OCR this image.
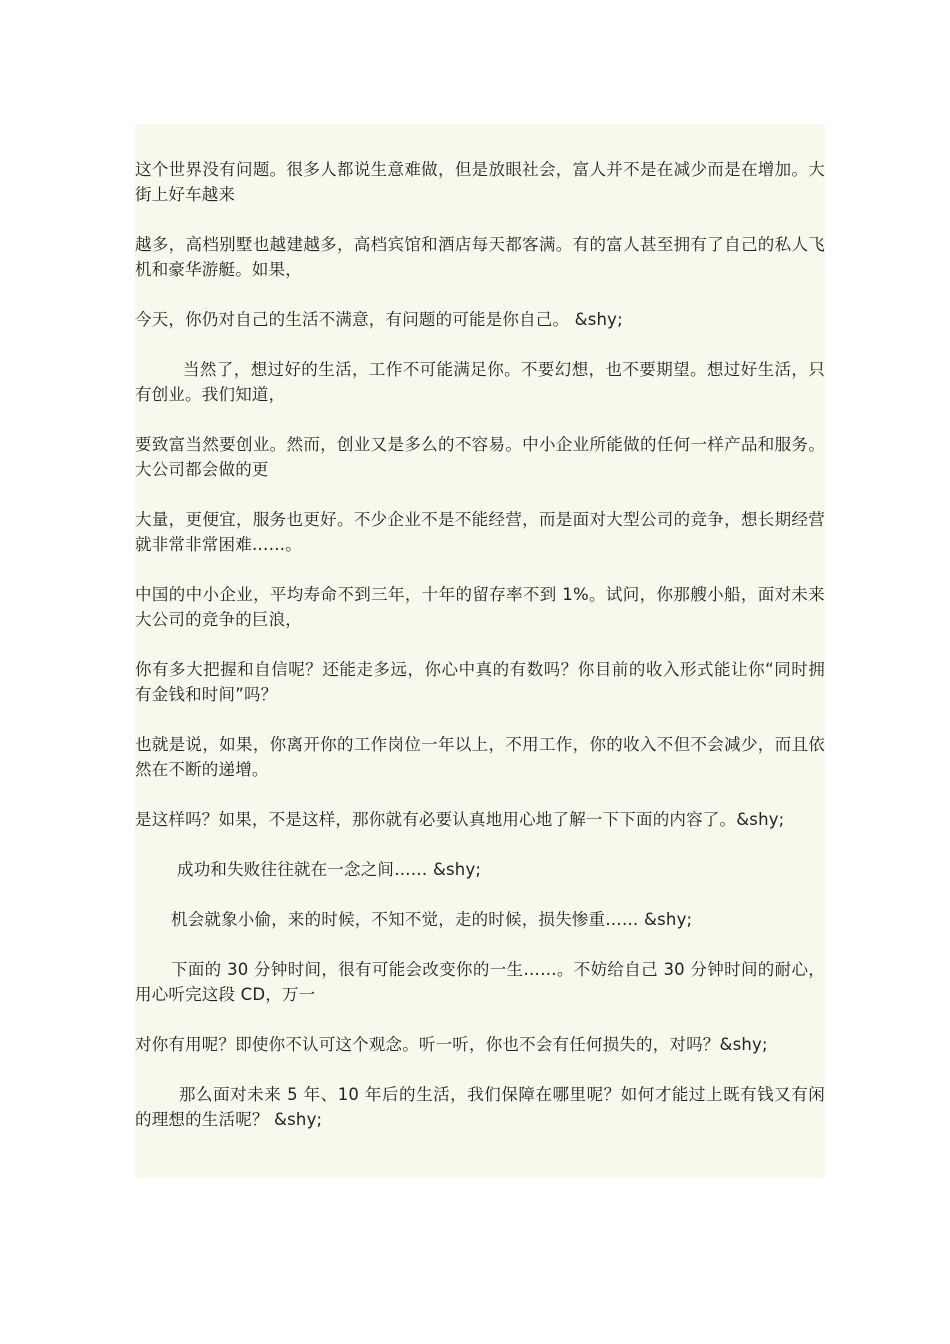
这个世界没有问题。很多人都说生意难做，但是放眼社会，富人并不是在减少而是在增加。大街上好车越来

越多，高档别墅也越建越多，高档宾馆和酒店每天都客满。有的富人甚至拥有了自己的私人飞机和豪华游艇。如果，

今天，你仍对自己的生活不满意，有问题的可能是你自己。 &shy;

当然了，想过好的生活，工作不可能满足你。不要幻想，也不要期望。想过好生活，只有创业。我们知道，

要致富当然要创业。然而，创业又是多么的不容易。中小企业所能做的任何一样产品和服务。大公司都会做的更

大量，更便宜，服务也更好。不少企业不是不能经营，而是面对大型公司的竞争，想长期经营就非常非常困难……。

中国的中小企业，平均寿命不到三年，十年的留存率不到 1%。试问，你那艘小船，面对未来大公司的竞争的巨浪，

你有多大把握和自信呢？还能走多远，你心中真的有数吗？你目前的收入形式能让你“同时拥有金钱和时间”吗？

也就是说，如果，你离开你的工作岗位一年以上，不用工作，你的收入不但不会减少，而且依然在不断的递增。

是这样吗？如果，不是这样，那你就有必要认真地用心地了解一下下面的内容了。&shy;

成功和失败往往就在一念之间…… &shy;

机会就象小偷，来的时候，不知不觉，走的时候，损失惨重…… &shy;

下面的 30 分钟时间，很有可能会改变你的一生……。不妨给自己 30 分钟时间的耐心，用心听完这段 CD，万一

对你有用呢？即使你不认可这个观念。听一听，你也不会有任何损失的，对吗？&shy;

那么面对未来 5 年、10 年后的生活，我们保障在哪里呢？如何才能过上既有钱又有闲的理想的生活呢？ &shy;
